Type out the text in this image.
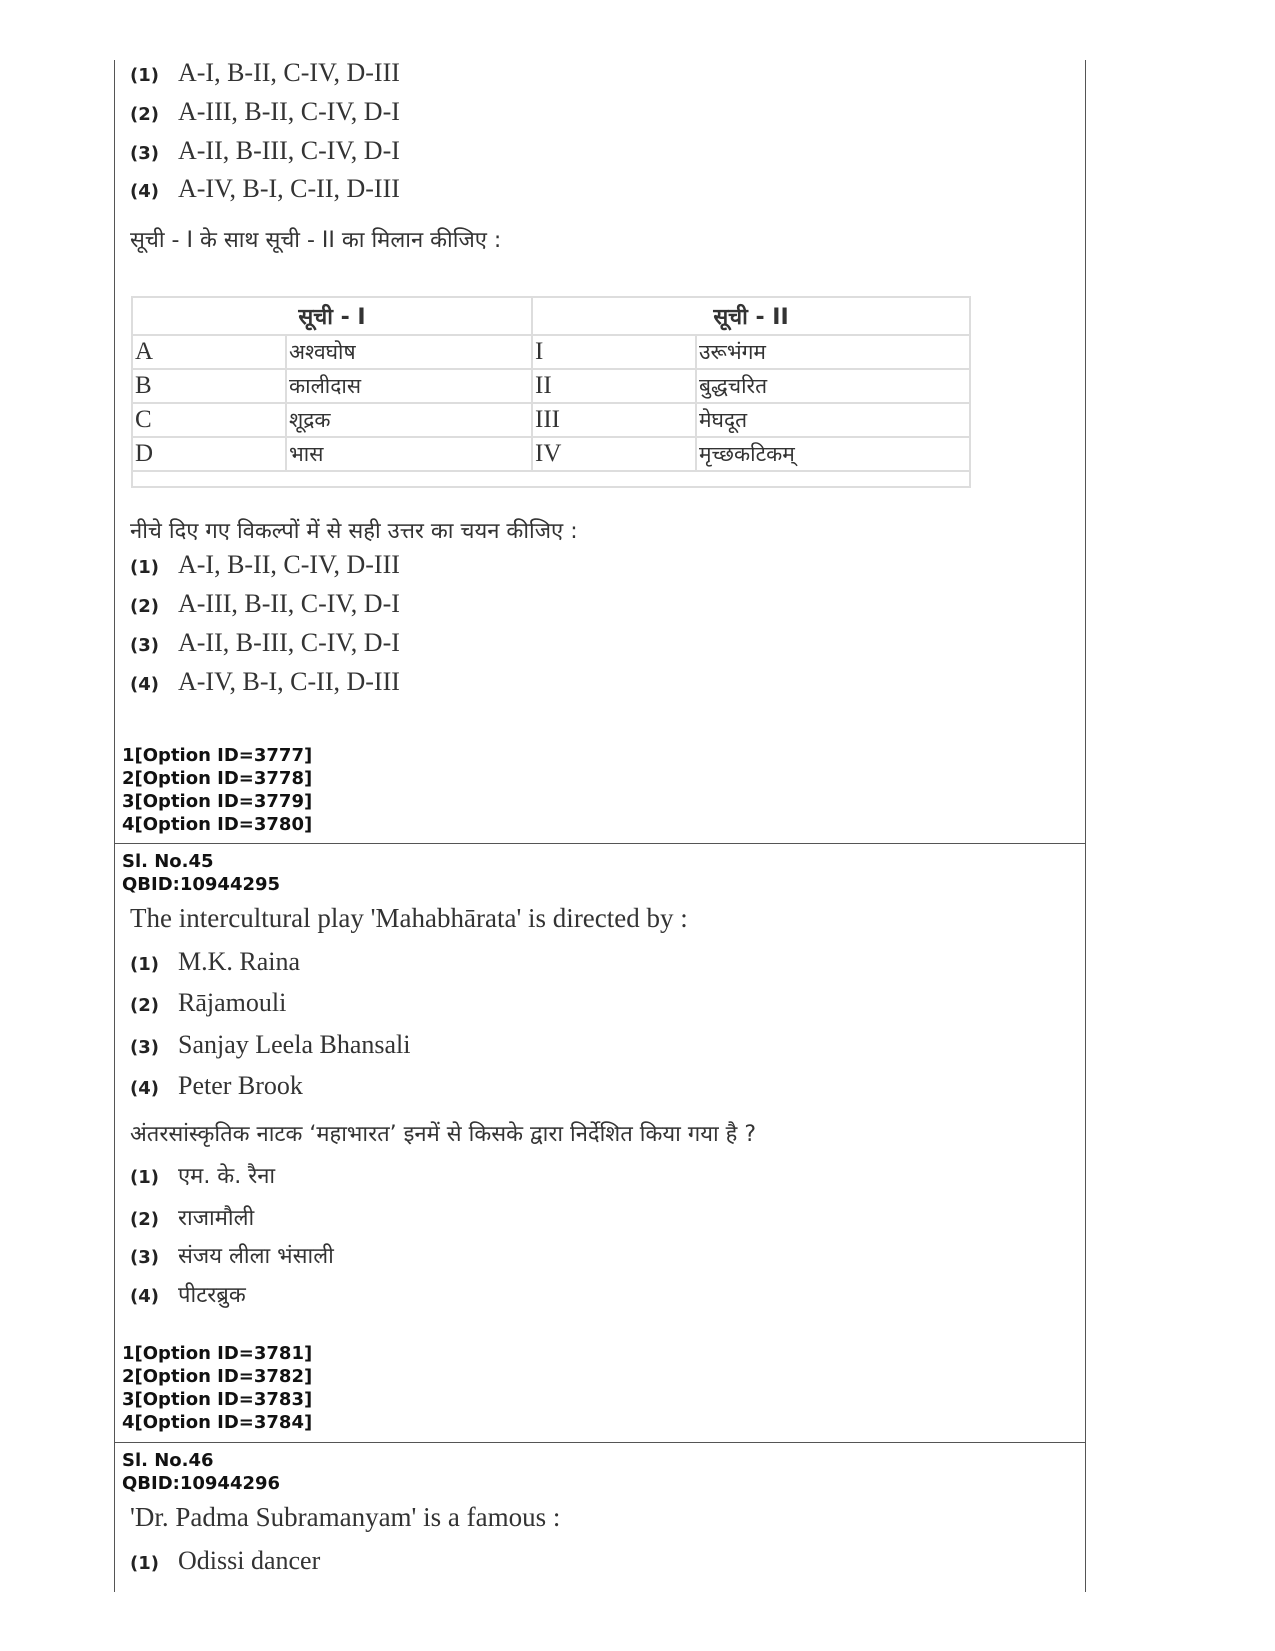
(1) A-I, B-II, C-IV, D-III
(2) A-III, B-II, C-IV, D-I
(3) A-II, B-III, C-IV, D-I
(4) A-IV, B-I, C-II, D-III
सूची - I के साथ सूची - II का मिलान कीजिए :
सूची - I		सूची - II	
A	अश्वघोष	I	उरूभंगम
B	कालीदास	II	बुद्धचरित
C	शूद्रक	III	मेघदूत
D	भास	IV	मृच्छकटिकम्

नीचे दिए गए विकल्पों में से सही उत्तर का चयन कीजिए :
(1) A-I, B-II, C-IV, D-III
(2) A-III, B-II, C-IV, D-I
(3) A-II, B-III, C-IV, D-I
(4) A-IV, B-I, C-II, D-III
1[Option ID=3777]
2[Option ID=3778]
3[Option ID=3779]
4[Option ID=3780]
Sl. No.45
QBID:10944295
The intercultural play 'Mahabhārata' is directed by :
(1) M.K. Raina
(2) Rājamouli
(3) Sanjay Leela Bhansali
(4) Peter Brook
अंतरसांस्कृतिक नाटक ‘महाभारत’ इनमें से किसके द्वारा निर्देशित किया गया है ?
(1) एम. के. रैना
(2) राजामौली
(3) संजय लीला भंसाली
(4) पीटरब्रुक
1[Option ID=3781]
2[Option ID=3782]
3[Option ID=3783]
4[Option ID=3784]
Sl. No.46
QBID:10944296
'Dr. Padma Subramanyam' is a famous :
(1) Odissi dancer
